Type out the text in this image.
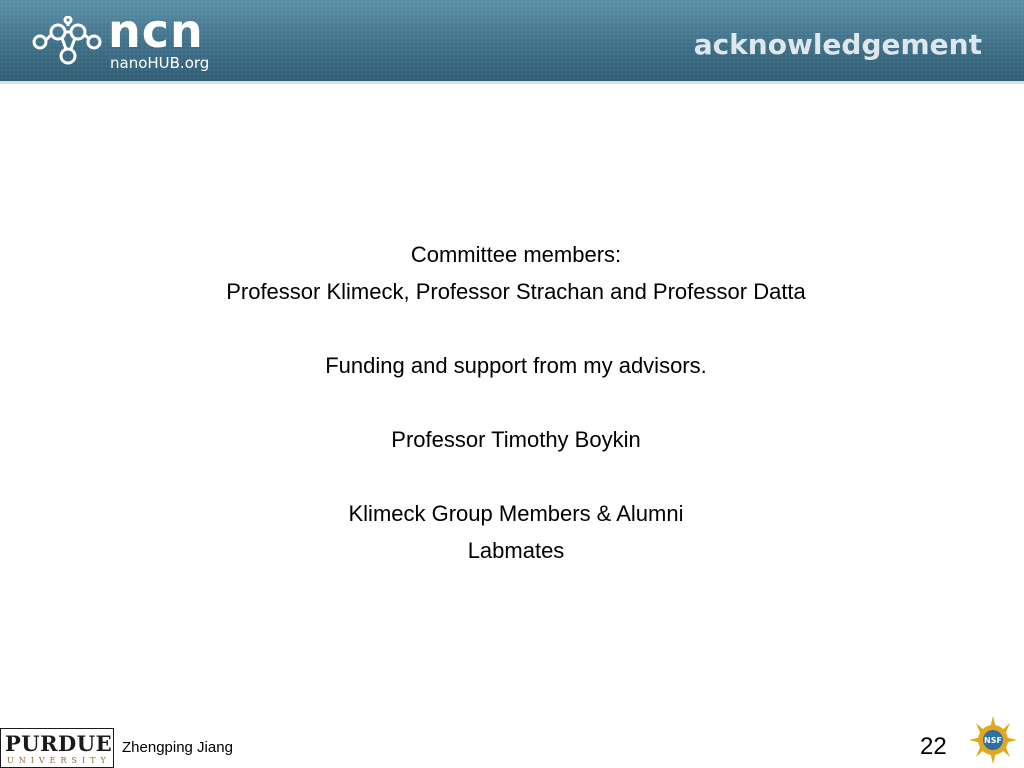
ncn
nanoHUB.org
acknowledgement

Committee members:

Professor Klimeck, Professor Strachan and Professor Datta

Funding and support from my advisors.

Professor Timothy Boykin

Klimeck Group Members & Alumni

Labmates

PURDUE
UNIVERSITY
Zhengping Jiang	22	NSF
